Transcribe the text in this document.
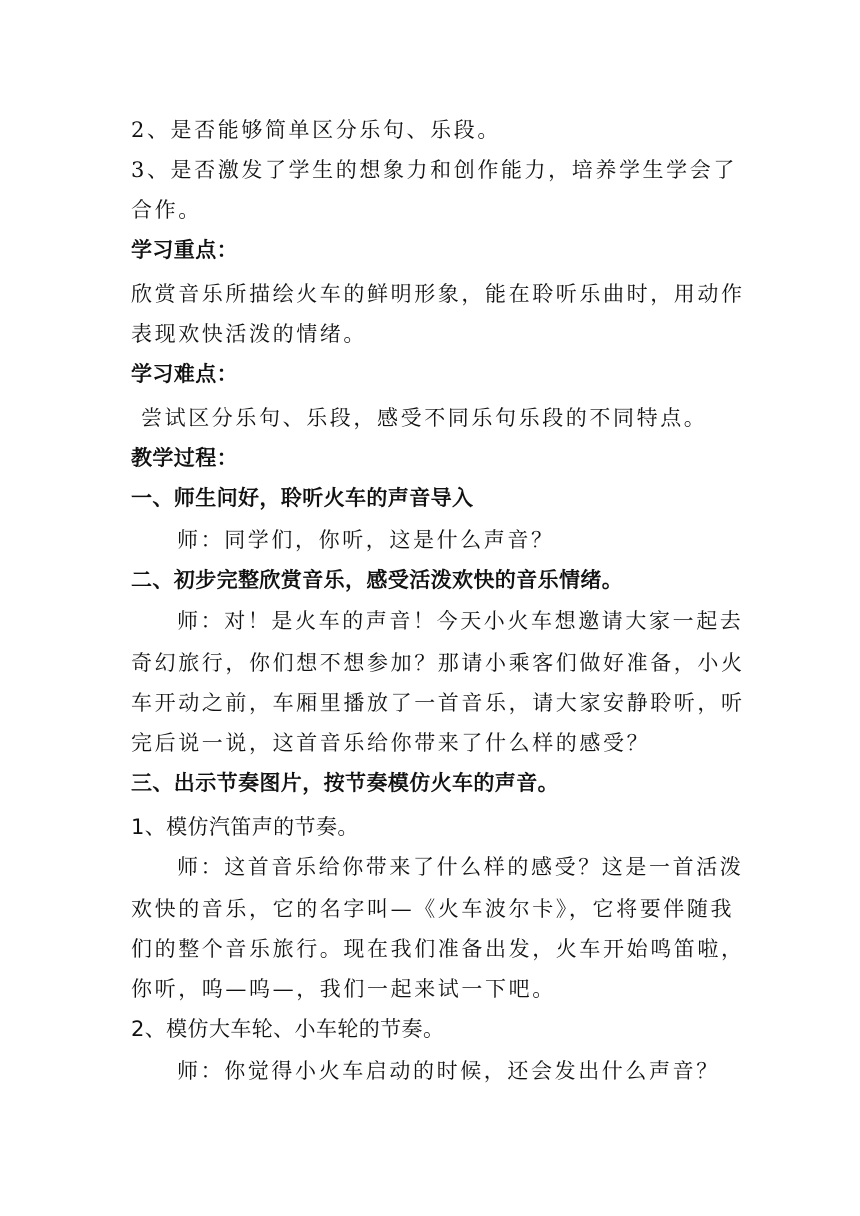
2、是否能够简单区分乐句、乐段。
3、是否激发了学生的想象力和创作能力，培养学生学会了
合作。
学习重点：
欣赏音乐所描绘火车的鲜明形象，能在聆听乐曲时，用动作
表现欢快活泼的情绪。
学习难点：
尝试区分乐句、乐段，感受不同乐句乐段的不同特点。
教学过程：
一、师生问好，聆听火车的声音导入
师：同学们，你听，这是什么声音？
二、初步完整欣赏音乐，感受活泼欢快的音乐情绪。
师：对！是火车的声音！今天小火车想邀请大家一起去
奇幻旅行，你们想不想参加？那请小乘客们做好准备，小火
车开动之前，车厢里播放了一首音乐，请大家安静聆听，听
完后说一说，这首音乐给你带来了什么样的感受？
三、出示节奏图片，按节奏模仿火车的声音。
1、模仿汽笛声的节奏。
师：这首音乐给你带来了什么样的感受？这是一首活泼
欢快的音乐，它的名字叫—《火车波尔卡》，它将要伴随我
们的整个音乐旅行。现在我们准备出发，火车开始鸣笛啦，
你听，呜—呜—，我们一起来试一下吧。
2、模仿大车轮、小车轮的节奏。
师：你觉得小火车启动的时候，还会发出什么声音？
